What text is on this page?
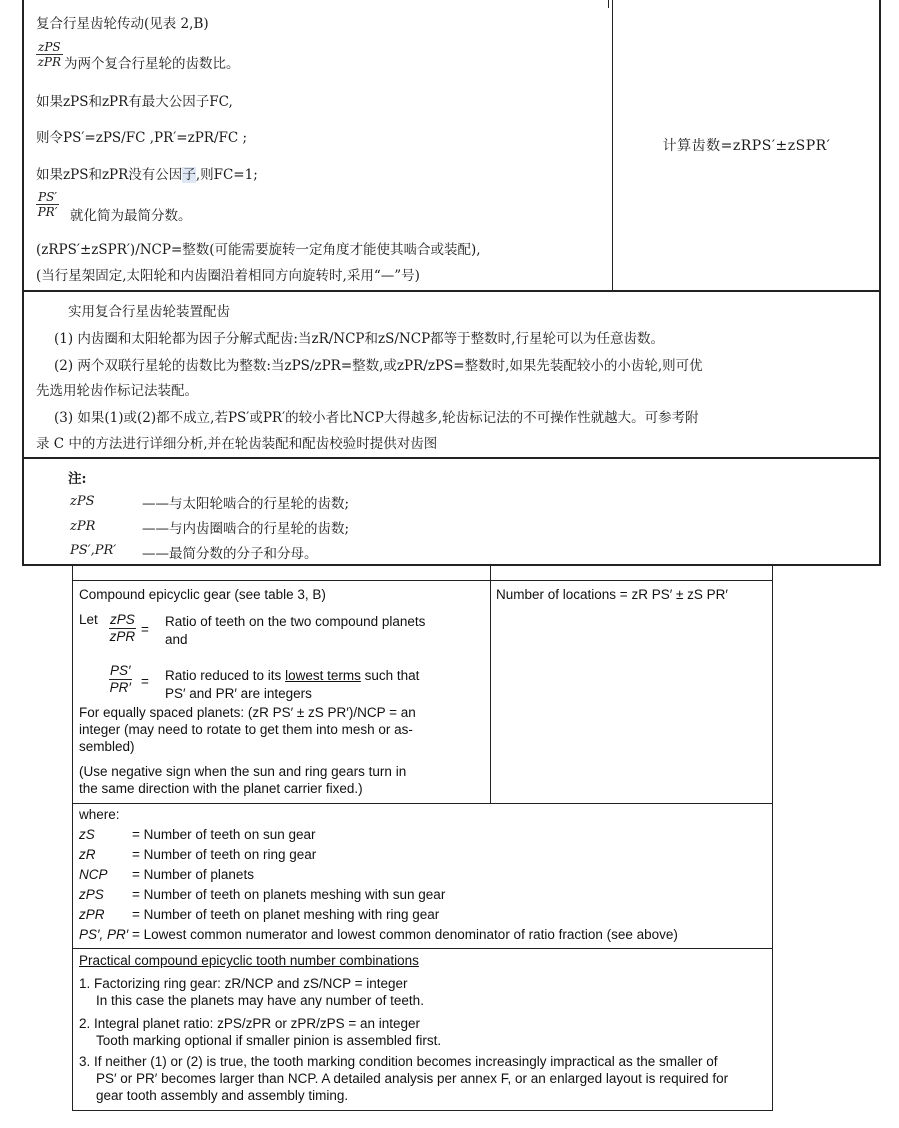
复合行星齿轮传动(见表 2,B)
zPS
zPR 为两个复合行星轮的齿数比。
如果zPS和zPR有最大公因子FC,
则令PS′=zPS/FC ,PR′=zPR/FC ;
如果zPS和zPR没有公因子,则FC=1;
$\frac{PS'}{PR'}$ 就化简为最简分数。
(zRPS′±zSPR′)/NCP=整数(可能需要旋转一定角度才能使其啮合或装配),
(当行星架固定,太阳轮和内齿圈沿着相同方向旋转时,采用“—”号)
计算齿数=zRPS′±zSPR′
实用复合行星齿轮装置配齿
(1) 内齿圈和太阳轮都为因子分解式配齿:当zR/NCP和zS/NCP都等于整数时,行星轮可以为任意齿数。
(2) 两个双联行星轮的齿数比为整数:当zPS/zPR=整数,或zPR/zPS=整数时,如果先装配较小的小齿轮,则可优
先选用轮齿作标记法装配。
(3) 如果(1)或(2)都不成立,若PS′或PR′的较小者比NCP大得越多,轮齿标记法的不可操作性就越大。可参考附
录 C 中的方法进行详细分析,并在轮齿装配和配齿校验时提供对齿图
注:
zPS	——与太阳轮啮合的行星轮的齿数;
zPR	——与内齿圈啮合的行星轮的齿数;
PS′,PR′ ——最简分数的分子和分母。
Compound epicyclic gear (see table 3, B)
Let zPS
zPR =
Ratio of teeth on the two compound planets
and
$\frac{PS'}{PR'}$ = Ratio reduced to its lowest terms such that
PS′ and PR′ are integers
For equally spaced planets: (zR PS′ ± zS PR′)/NCP = an
integer (may need to rotate to get them into mesh or as-
sembled)
(Use negative sign when the sun and ring gears turn in
the same direction with the planet carrier fixed.)
Number of locations = zR PS′ ± zS PR′
where:
zS	= Number of teeth on sun gear
zR	= Number of teeth on ring gear
NCP = Number of planets
zPS = Number of teeth on planets meshing with sun gear
zPR = Number of teeth on planet meshing with ring gear
PS′, PR′ = Lowest common numerator and lowest common denominator of ratio fraction (see above)
Practical compound epicyclic tooth number combinations
1. Factorizing ring gear: zR/NCP and zS/NCP = integer
In this case the planets may have any number of teeth.
2. Integral planet ratio: zPS/zPR or zPR/zPS = an integer
Tooth marking optional if smaller pinion is assembled first.
3. If neither (1) or (2) is true, the tooth marking condition becomes increasingly impractical as the smaller of
PS′ or PR′ becomes larger than NCP. A detailed analysis per annex F, or an enlarged layout is required for
gear tooth assembly and assembly timing.
